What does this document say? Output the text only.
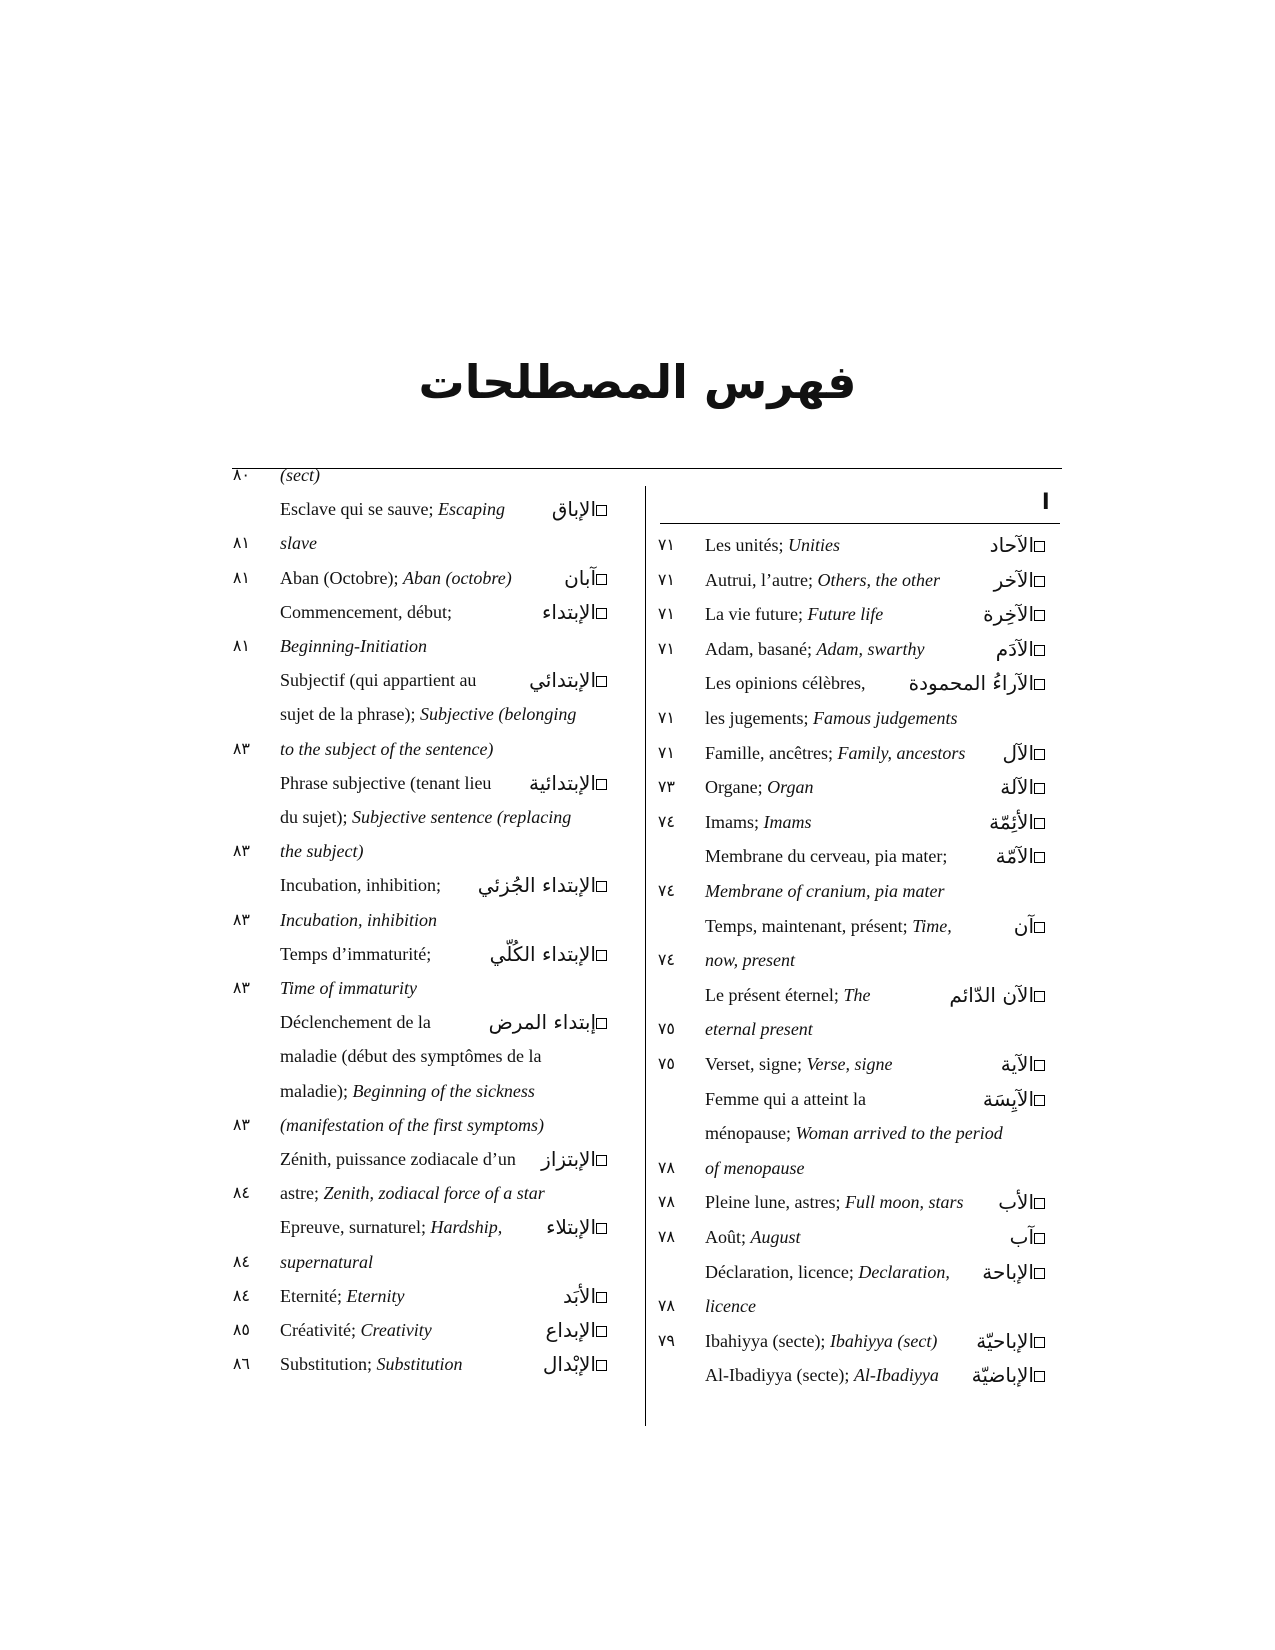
فهرس المصطلحات
ا
٨٠ (sect)
Esclave qui se sauve; Escaping الإباق
٨١ slave
٨١ Aban (Octobre); Aban (octobre)	آبان
Commencement, début;	الإبتداء
٨١ Beginning-Initiation
Subjectif (qui appartient au	الإبتدائي
sujet de la phrase); Subjective (belonging
٨٣ to the subject of the sentence)
Phrase subjective (tenant lieu الإبتدائية
du sujet); Subjective sentence (replacing
٨٣ the subject)
Incubation, inhibition; الإبتداء الجُزئي
٨٣ Incubation, inhibition
Temps d’immaturité;	الإبتداء الكُلّي
٨٣ Time of immaturity
Déclenchement de la	إبتداء المرض
maladie (début des symptômes de la
maladie); Beginning of the sickness
٨٣ (manifestation of the first symptoms)
Zénith, puissance zodiacale d’un الإبتزاز
٨٤ astre; Zenith, zodiacal force of a star
Epreuve, surnaturel; Hardship, الإبتلاء
٨٤ supernatural
٨٤ Eternité; Eternity	الأبَد
٨٥ Créativité; Creativity	الإبداع
٨٦ Substitution; Substitution	الإبْدال
٧١ Les unités; Unities	الآحاد
٧١ Autrui, l’autre; Others, the other	الآخر
٧١ La vie future; Future life	الآخِرة
٧١ Adam, basané; Adam, swarthy	الآدَم
Les opinions célèbres, الآراءُ المحمودة
٧١ les jugements; Famous judgements
٧١ Famille, ancêtres; Family, ancestors الآل
٧٣ Organe; Organ	الآلة
٧٤ Imams; Imams	الأئِمّة
Membrane du cerveau, pia mater; الآمّة
٧٤ Membrane of cranium, pia mater
Temps, maintenant, présent; Time,	آن
٧٤ now, present
Le présent éternel; The	الآن الدّائم
٧٥ eternal present
٧٥ Verset, signe; Verse, signe	الآية
Femme qui a atteint la	الآيِسَة
ménopause; Woman arrived to the period
٧٨ of menopause
٧٨ Pleine lune, astres; Full moon, stars الأب
٧٨ Août; August	آب
Déclaration, licence; Declaration, الإباحة
٧٨ licence
٧٩ Ibahiyya (secte); Ibahiyya (sect) الإباحيّة
Al-Ibadiyya (secte); Al-Ibadiyya الإباضيّة
